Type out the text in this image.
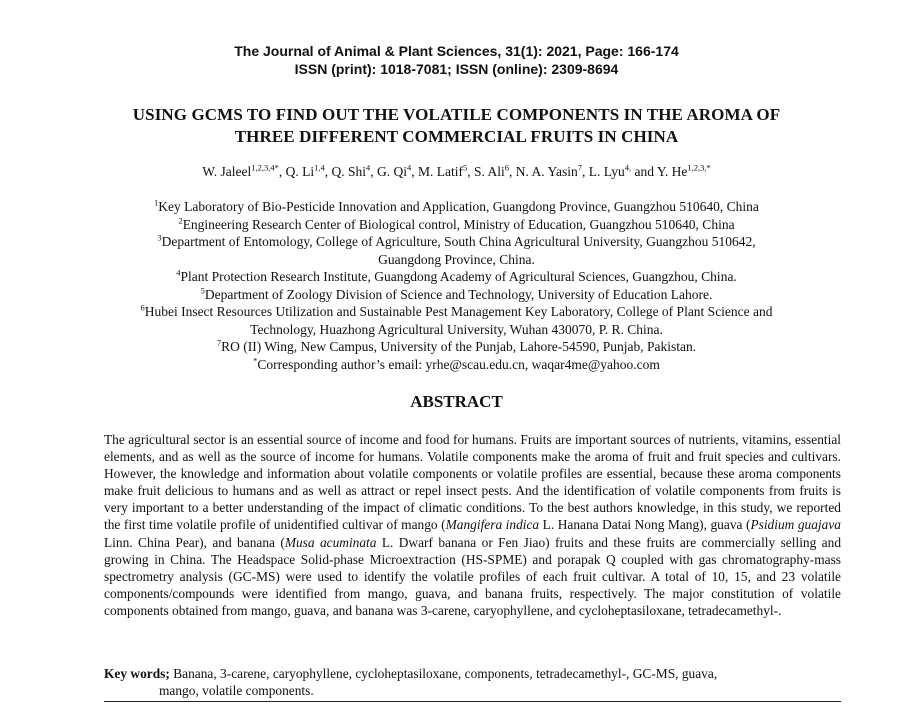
The Journal of Animal & Plant Sciences, 31(1): 2021, Page: 166-174
ISSN (print): 1018-7081; ISSN (online): 2309-8694
USING GCMS TO FIND OUT THE VOLATILE COMPONENTS IN THE AROMA OF
THREE DIFFERENT COMMERCIAL FRUITS IN CHINA
W. Jaleel$^{1,2,3,4*}$, Q. Li$^{1,4}$, Q. Shi$^4$, G. Qi$^4$, M. Latif$^5$, S. Ali$^6$, N. A. Yasin$^7$, L. Lyu$^{4,}$ and Y. $He^{1,2,3,*}$
$^1$Key Laboratory of Bio-Pesticide Innovation and Application, Guangdong Province, Guangzhou 510640, China
$^2$Engineering Research Center of Biological control, Ministry of Education, Guangzhou 510640, China
$^3$Department of Entomology, College of Agriculture, South China Agricultural University, Guangzhou 510642,
Guangdong Province, China.
$^4$Plant Protection Research Institute, Guangdong Academy of Agricultural Sciences, Guangzhou, China.
$^5$Department of Zoology Division of Science and Technology, University of Education Lahore.
$^6$Hubei Insect Resources Utilization and Sustainable Pest Management Key Laboratory, College of Plant Science and
Technology, Huazhong Agricultural University, Wuhan 430070, P. R. China.
$^7$RO (II) Wing, New Campus, University of the Punjab, Lahore-54590, Punjab, Pakistan.
*Corresponding author’s email: yrhe@scau.edu.cn, waqar4me@yahoo.com
ABSTRACT
The agricultural sector is an essential source of income and food for humans. Fruits are important sources of nutrients, vitamins, essential elements, and as well as the source of income for humans. Volatile components make the aroma of fruit and fruit species and cultivars. However, the knowledge and information about volatile components or volatile profiles are essential, because these aroma components make fruit delicious to humans and as well as attract or repel insect pests. And the identification of volatile components from fruits is very important to a better understanding of the impact of climatic conditions. To the best authors knowledge, in this study, we reported the first time volatile profile of unidentified cultivar of mango (Mangifera indica L. Hanana Datai Nong Mang), guava (Psidium guajava Linn. China Pear), and banana (Musa acuminata L. Dwarf banana or Fen Jiao) fruits and these fruits are commercially selling and growing in China. The Headspace Solid-phase Microextraction (HS-SPME) and porapak Q coupled with gas chromatography-mass spectrometry analysis (GC-MS) were used to identify the volatile profiles of each fruit cultivar. A total of 10, 15, and 23 volatile components/compounds were identified from mango, guava, and banana fruits, respectively. The major constitution of volatile components obtained from mango, guava, and banana was 3-carene, caryophyllene, and cycloheptasiloxane, tetradecamethyl-.
Key words; Banana, 3-carene, caryophyllene, cycloheptasiloxane, components, tetradecamethyl-, GC-MS, guava,
mango, volatile components.
